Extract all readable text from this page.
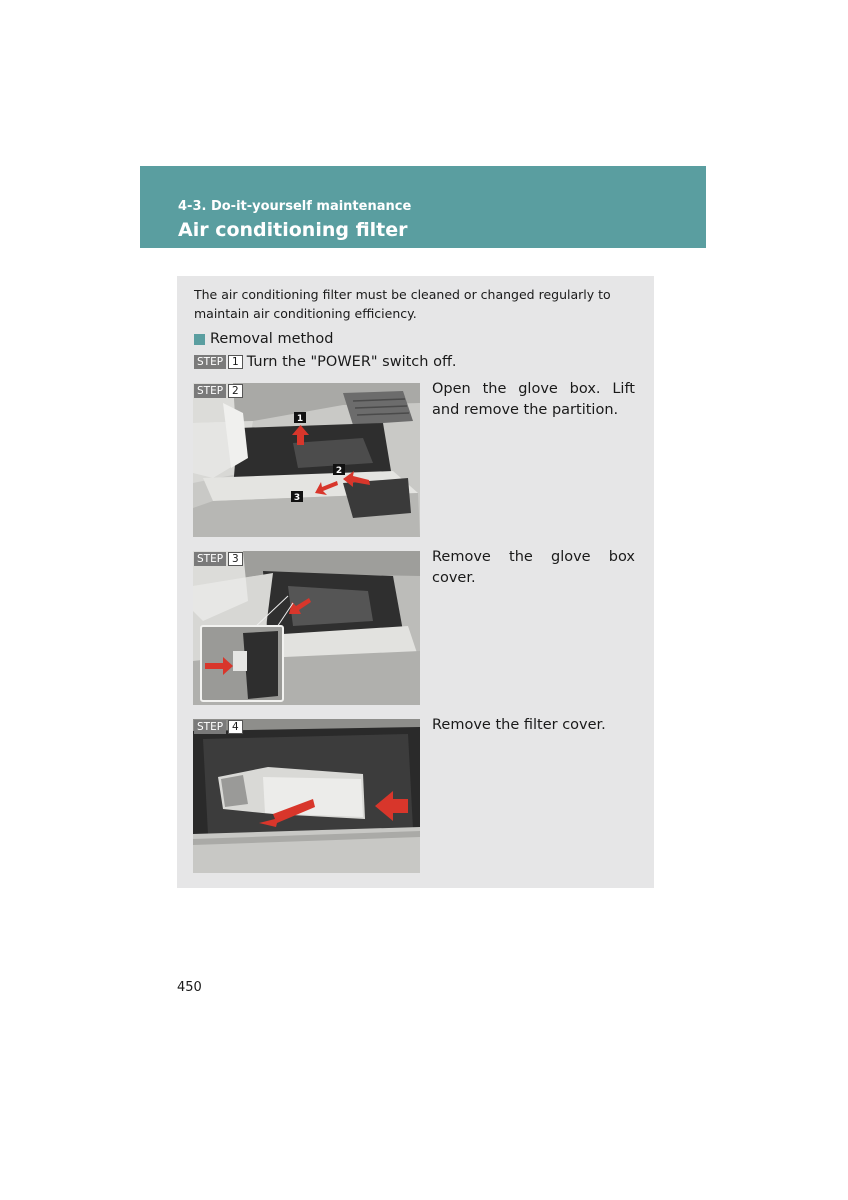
4-3. Do-it-yourself maintenance
Air conditioning filter
The air conditioning filter must be cleaned or changed regularly to maintain air conditioning efficiency.
Removal method
STEP 1 Turn the "POWER" switch off.
STEP 2
1
2
3
Open the glove box. Lift and remove the partition.
STEP 3	Remove the glove box cover.
STEP 4	Remove the filter cover.
450
